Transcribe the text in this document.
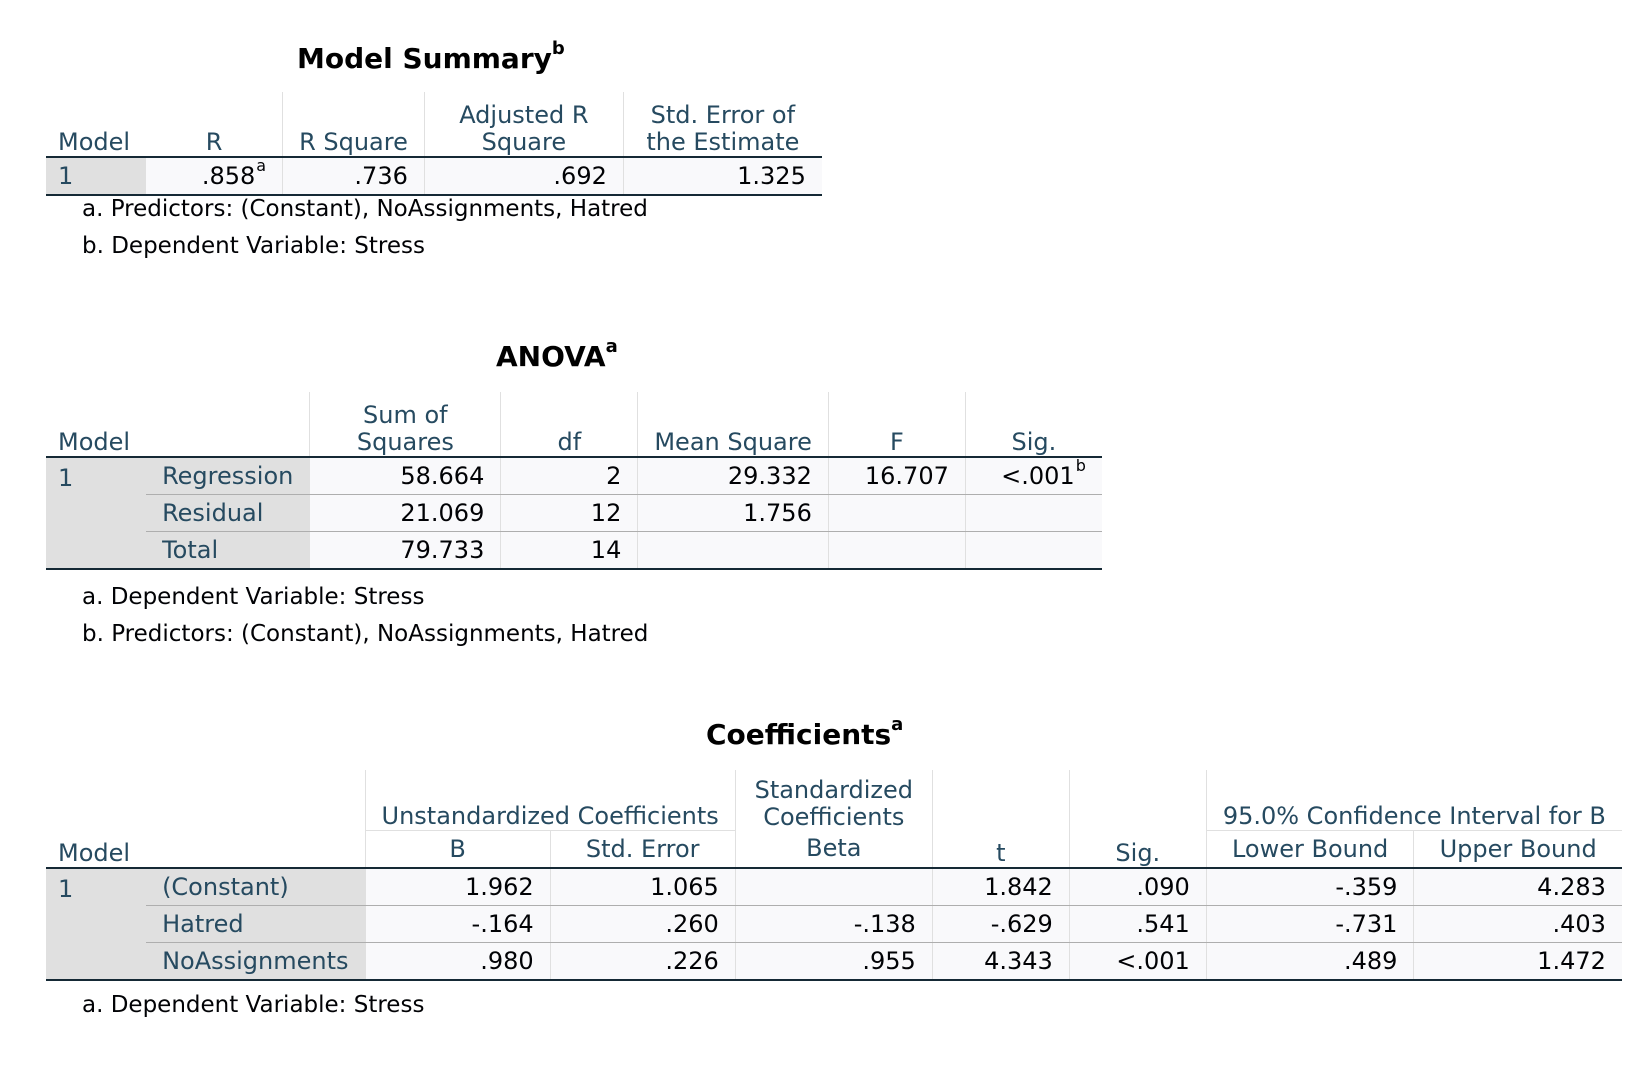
Model Summary$^b$
Model	R	R Square	Adjusted R Square	Std. Error of the Estimate
1	.858$^a$	.736	.692	1.325
a. Predictors: (Constant), NoAssignments, Hatred
b. Dependent Variable: Stress
ANOVA$^a$
Model		Sum of Squares	df	Mean Square	F	Sig.
1	Regression	58.664	2	29.332	16.707	<.001$^b$
	Residual	21.069	12	1.756		
	Total	79.733	14			
a. Dependent Variable: Stress
b. Predictors: (Constant), NoAssignments, Hatred
Coefficients$^a$
Model		Unstandardized Coefficients		Standardized Coefficients	t	Sig.	95.0% Confidence Interval for B	
		B	Std. Error	Beta			Lower Bound	Upper Bound
1	(Constant)	1.962	1.065		1.842	.090	-.359	4.283
	Hatred	-.164	.260	-.138	-.629	.541	-.731	.403
	NoAssignments	.980	.226	.955	4.343	<.001	.489	1.472
a. Dependent Variable: Stress
